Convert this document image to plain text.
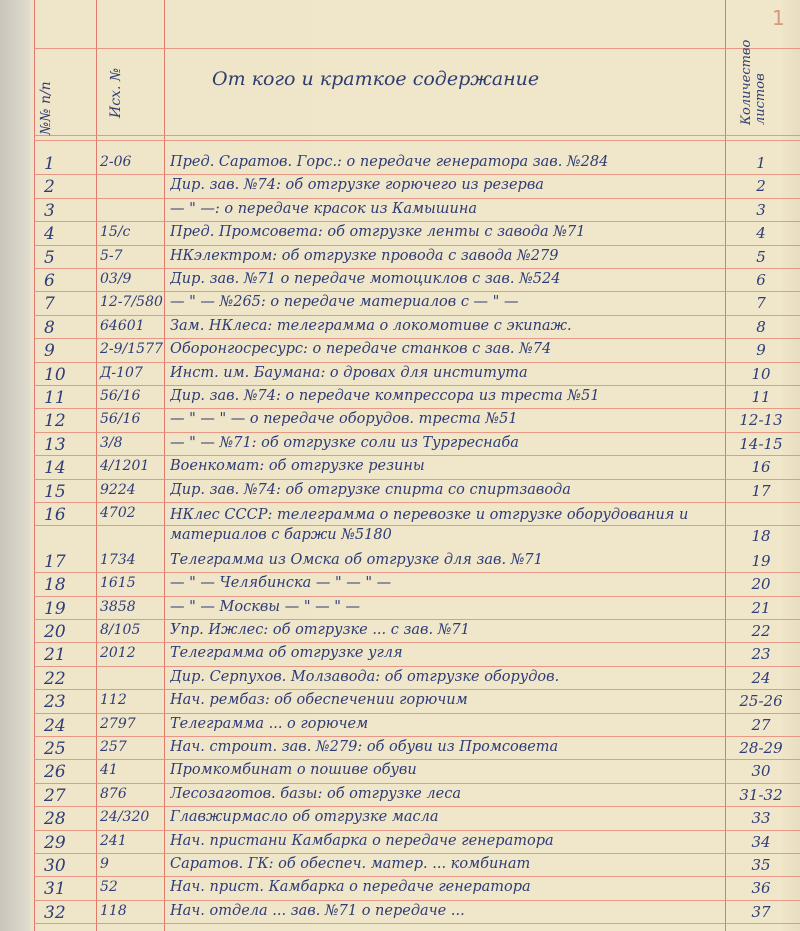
1
№№ п/п	Исх. №	От кого и краткое содержание	Количество листов
1	2-06	Пред. Саратов. Горс.: о передаче генератора зав. №284	1
2	Дир. зав. №74: об отгрузке горючего из резерва	2
3	— " —: о передаче красок из Камышина	3
4	15/с	Пред. Промсовета: об отгрузке ленты с завода №71	4
5	5-7	НКэлектром: об отгрузке провода с завода №279	5
6	03/9	Дир. зав. №71 о передаче мотоциклов с зав. №524	6
7	12-7/580 — " — №265: о передаче материалов с — " —	7
8	64601	Зам. НКлеса: телеграмма о локомотиве с экипаж.	8
9	2-9/1577 Оборонгосресурс: о передаче станков с зав. №74	9
10	Д-107	Инст. им. Баумана: о дровах для института	10
11	56/16	Дир. зав. №74: о передаче компрессора из треста №51	11
12	56/16	— " — " — о передаче оборудов. треста №51	12-13
13	3/8	— " — №71: об отгрузке соли из Тургреснаба	14-15
14	4/1201	Военкомат: об отгрузке резины	16
15	9224	Дир. зав. №74: об отгрузке спирта со спиртзавода	17
16	4702	НКлес СССР: телеграмма о перевозке и отгрузке оборудования и материалов с баржи №5180	18
17	1734	Телеграмма из Омска об отгрузке для зав. №71	19
18	1615	— " — Челябинска — " — " —	20
19	3858	— " — Москвы — " — " —	21
20	8/105	Упр. Ижлес: об отгрузке ... с зав. №71	22
21	2012	Телеграмма об отгрузке угля	23
22	Дир. Серпухов. Молзавода: об отгрузке оборудов.	24
23	112	Нач. рембаз: об обеспечении горючим	25-26
24	2797	Телеграмма ... о горючем	27
25	257	Нач. строит. зав. №279: об обуви из Промсовета	28-29
26	41	Промкомбинат о пошиве обуви	30
27	876	Лесозаготов. базы: об отгрузке леса	31-32
28	24/320	Главжирмасло об отгрузке масла	33
29	241	Нач. пристани Камбарка о передаче генератора	34
30	9	Саратов. ГК: об обеспеч. матер. ... комбинат	35
31	52	Нач. прист. Камбарка о передаче генератора	36
32	118	Нач. отдела ... зав. №71 о передаче ...	37
